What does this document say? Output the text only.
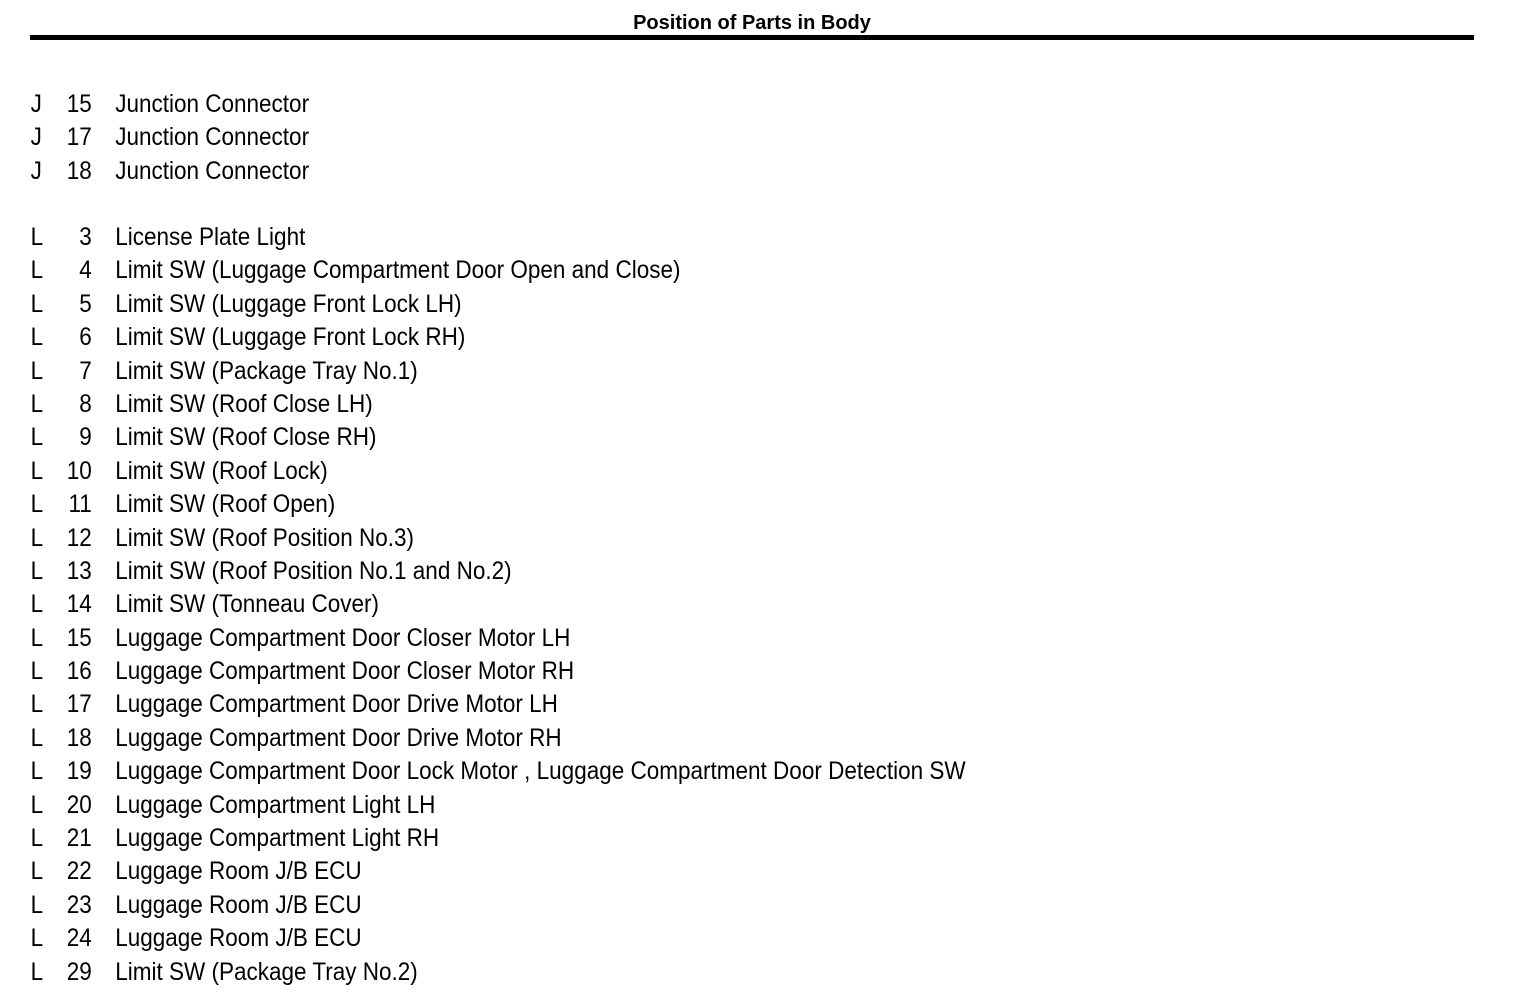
Position of Parts in Body
J 15 Junction Connector
J 17 Junction Connector
J 18 Junction Connector
L	3 License Plate Light
L	4 Limit SW (Luggage Compartment Door Open and Close)
L	5 Limit SW (Luggage Front Lock LH)
L	6 Limit SW (Luggage Front Lock RH)
L	7 Limit SW (Package Tray No.1)
L	8 Limit SW (Roof Close LH)
L	9 Limit SW (Roof Close RH)
L 10 Limit SW (Roof Lock)
L	11 Limit SW (Roof Open)
L 12 Limit SW (Roof Position No.3)
L 13 Limit SW (Roof Position No.1 and No.2)
L 14 Limit SW (Tonneau Cover)
L 15 Luggage Compartment Door Closer Motor LH
L 16 Luggage Compartment Door Closer Motor RH
L 17 Luggage Compartment Door Drive Motor LH
L 18 Luggage Compartment Door Drive Motor RH
L 19 Luggage Compartment Door Lock Motor , Luggage Compartment Door Detection SW
L 20 Luggage Compartment Light LH
L 21 Luggage Compartment Light RH
L 22 Luggage Room J/B ECU
L 23 Luggage Room J/B ECU
L 24 Luggage Room J/B ECU
L 29 Limit SW (Package Tray No.2)
